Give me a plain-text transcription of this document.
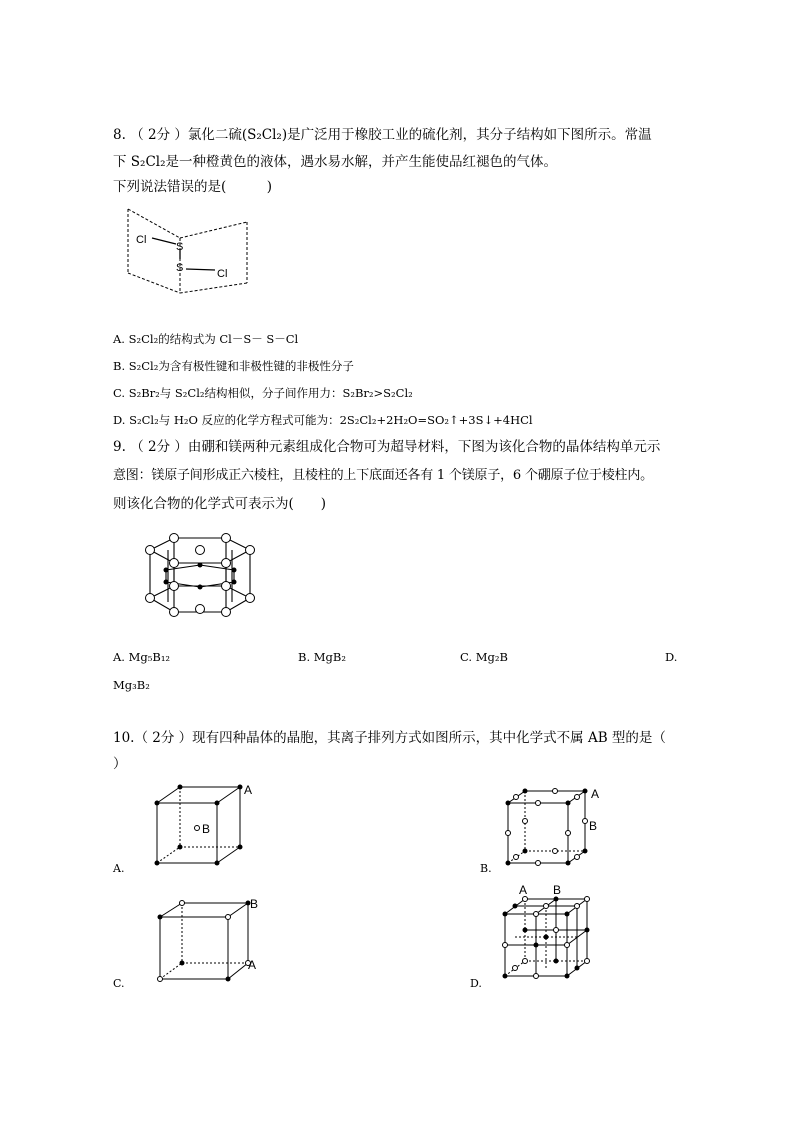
8. （ 2分 ）氯化二硫(S₂Cl₂)是广泛用于橡胶工业的硫化剂，其分子结构如下图所示。常温
下 S₂Cl₂是一种橙黄色的液体，遇水易水解，并产生能使品红褪色的气体。
下列说法错误的是(　　　)
Cl
S
S	Cl
A. S₂Cl₂的结构式为 Cl－S－ S－Cl
B. S₂Cl₂为含有极性键和非极性键的非极性分子
C. S₂Br₂与 S₂Cl₂结构相似，分子间作用力：S₂Br₂>S₂Cl₂
D. S₂Cl₂与 H₂O 反应的化学方程式可能为：2S₂Cl₂+2H₂O=SO₂↑+3S↓+4HCl
9. （ 2分 ）由硼和镁两种元素组成化合物可为超导材料，下图为该化合物的晶体结构单元示
意图：镁原子间形成正六棱柱，且棱柱的上下底面还各有 1 个镁原子，6 个硼原子位于棱柱内。
则该化合物的化学式可表示为(　　)
A. Mg₅B₁₂	B. MgB₂	C. Mg₂B	D.
Mg₃B₂
10.（ 2分 ）现有四种晶体的晶胞，其离子排列方式如图所示，其中化学式不属 AB 型的是（
）
A
B
A.
A
B
B.
B
A
C.
A B
D.
